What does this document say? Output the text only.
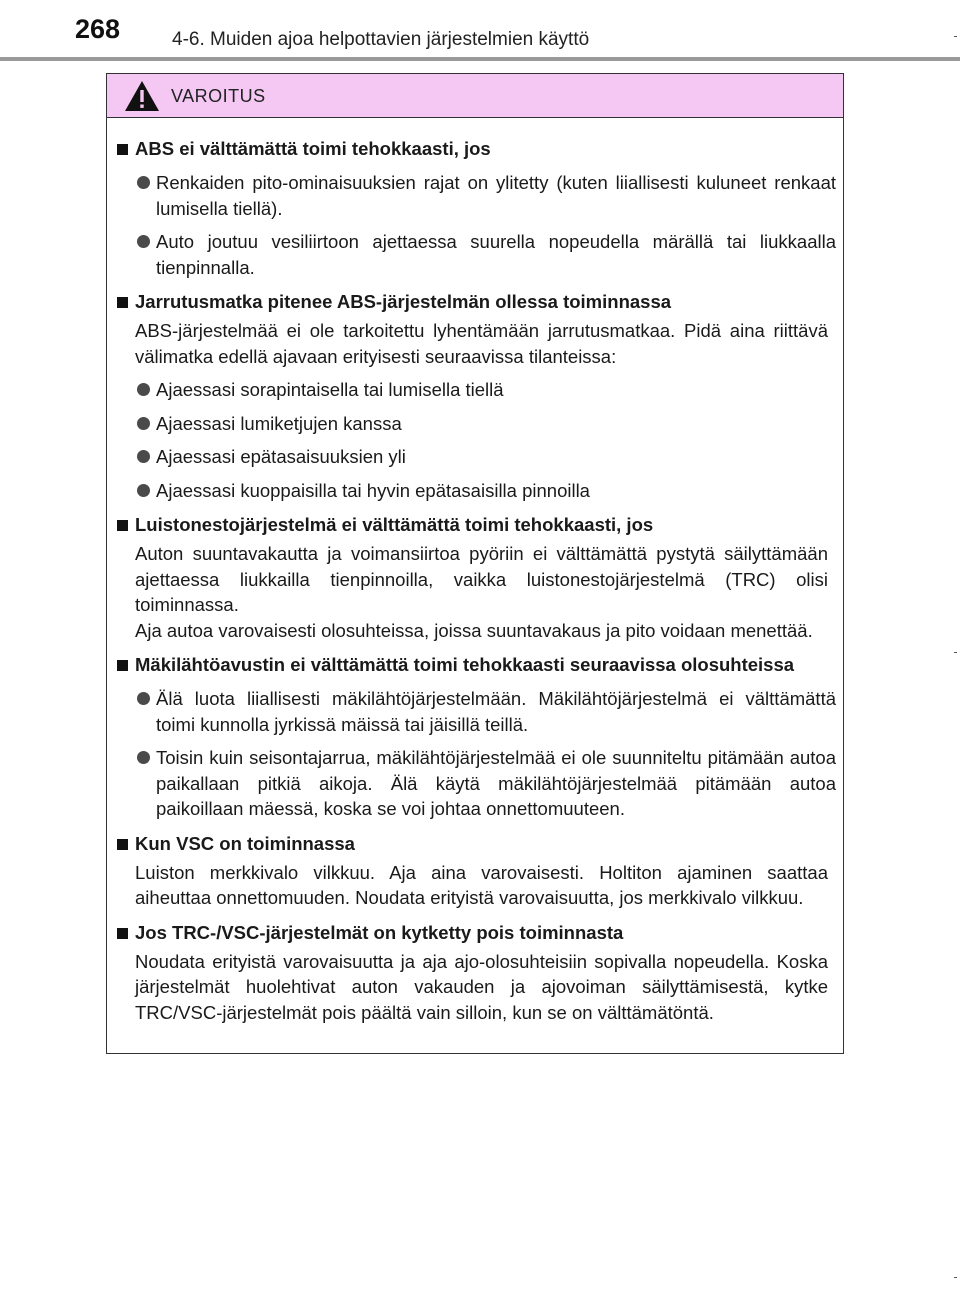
268	4-6. Muiden ajoa helpottavien järjestelmien käyttö
VAROITUS
ABS ei välttämättä toimi tehokkaasti, jos
Renkaiden pito-ominaisuuksien rajat on ylitetty (kuten liiallisesti kuluneet renkaat lumisella tiellä).
Auto joutuu vesiliirtoon ajettaessa suurella nopeudella märällä tai liukkaalla tienpinnalla.
Jarrutusmatka pitenee ABS-järjestelmän ollessa toiminnassa

ABS-järjestelmää ei ole tarkoitettu lyhentämään jarrutusmatkaa. Pidä aina riittävä välimatka edellä ajavaan erityisesti seuraavissa tilanteissa:

Ajaessasi sorapintaisella tai lumisella tiellä
Ajaessasi lumiketjujen kanssa
Ajaessasi epätasaisuuksien yli
Ajaessasi kuoppaisilla tai hyvin epätasaisilla pinnoilla
Luistonestojärjestelmä ei välttämättä toimi tehokkaasti, jos

Auton suuntavakautta ja voimansiirtoa pyöriin ei välttämättä pystytä säilyttämään ajettaessa liukkailla tienpinnoilla, vaikka luistonestojärjestelmä (TRC) olisi toiminnassa.

Aja autoa varovaisesti olosuhteissa, joissa suuntavakaus ja pito voidaan menettää.

Mäkilähtöavustin ei välttämättä toimi tehokkaasti seuraavissa olosuhteissa
Älä luota liiallisesti mäkilähtöjärjestelmään. Mäkilähtöjärjestelmä ei välttämättä toimi kunnolla jyrkissä mäissä tai jäisillä teillä.
Toisin kuin seisontajarrua, mäkilähtöjärjestelmää ei ole suunniteltu pitämään autoa paikallaan pitkiä aikoja. Älä käytä mäkilähtöjärjestelmää pitämään autoa paikoillaan mäessä, koska se voi johtaa onnettomuuteen.
Kun VSC on toiminnassa

Luiston merkkivalo vilkkuu. Aja aina varovaisesti. Holtiton ajaminen saattaa aiheuttaa onnettomuuden. Noudata erityistä varovaisuutta, jos merkkivalo vilkkuu.

Jos TRC-/VSC-järjestelmät on kytketty pois toiminnasta

Noudata erityistä varovaisuutta ja aja ajo-olosuhteisiin sopivalla nopeudella. Koska järjestelmät huolehtivat auton vakauden ja ajovoiman säilyttämisestä, kytke TRC/VSC-järjestelmät pois päältä vain silloin, kun se on välttämätöntä.
